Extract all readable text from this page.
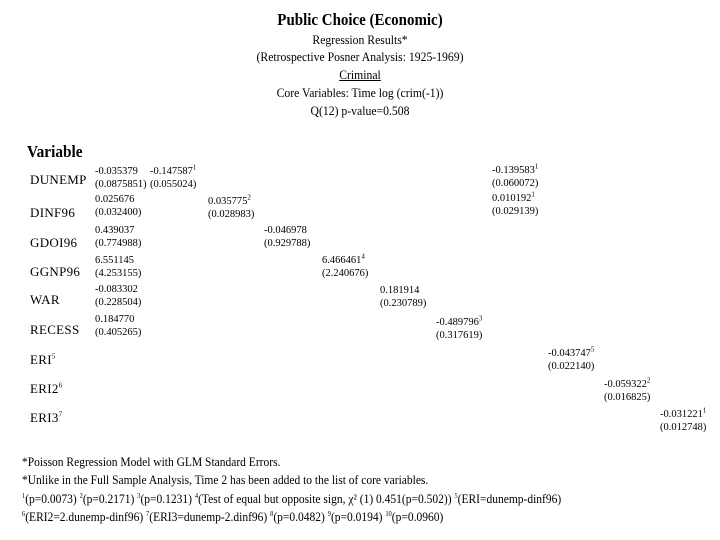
Public Choice (Economic)
Regression Results*
(Retrospective Posner Analysis: 1925-1969)
Criminal
Core Variables: Time log (crim(-1))
Q(12) p-value=0.508
Variable
DUNEMP
DINF96
GDOI96
GGNP96
WAR
RECESS
ERI$^5$
$ERI2^6$
$ERI3^7$
-0.035379
(0.0875851)
-0.147587$^1$
(0.055024)
0.025676
(0.032400)
0.035775$^2$
(0.028983)
0.439037
(0.774988)
-0.046978
(0.929788)
6.551145
(4.253155)
6.466461$^4$
(2.240676)
-0.083302
(0.228504)
0.181914
(0.230789)
0.184770
(0.405265)
-0.489796$^3$
(0.317619)
-0.139583$^1$
(0.060072)
0.010192$^1$
(0.029139)
-0.043747$^5$
(0.022140)
-0.059322$^2$
(0.016825)
-0.031221$^1$
(0.012748)
*Poisson Regression Model with GLM Standard Errors.
*Unlike in the Full Sample Analysis, Time 2 has been added to the list of core variables.
$^1$(p=0.0073) $^2$(p=0.2171) $^3$(p=0.1231) $^4$(Test of equal but opposite sign, χ² (1) 0.451(p=0.502)) $^5$(ERI=dunemp-dinf96)
$^6$(ERI2=2.dunemp-dinf96) $^7$(ERI3=dunemp-2.dinf96) $^8$(p=0.0482) $^9$(p=0.0194) $^{10}$(p=0.0960)
